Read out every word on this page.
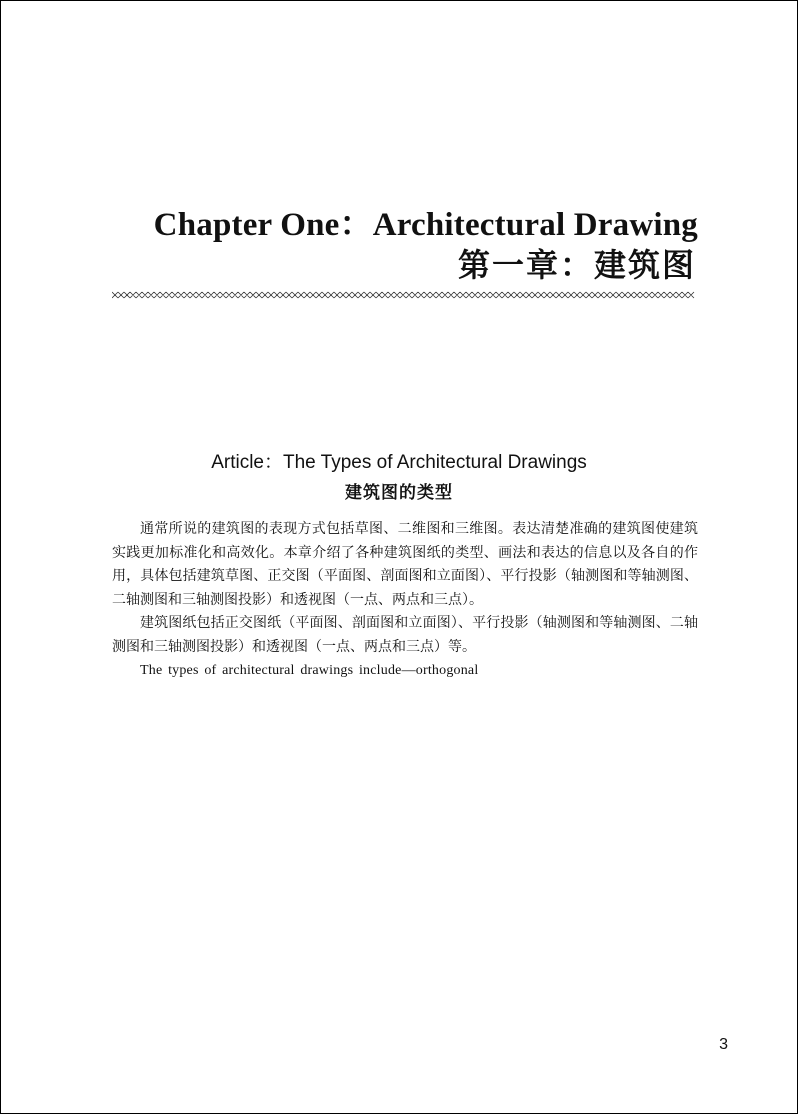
Chapter One：Architectural Drawing
第一章：建筑图
Article：The Types of Architectural Drawings
建筑图的类型

通常所说的建筑图的表现方式包括草图、二维图和三维图。表达清楚准确的建筑图使建筑实践更加标准化和高效化。本章介绍了各种建筑图纸的类型、画法和表达的信息以及各自的作用，具体包括建筑草图、正交图（平面图、剖面图和立面图）、平行投影（轴测图和等轴测图、二轴测图和三轴测图投影）和透视图（一点、两点和三点）。

建筑图纸包括正交图纸（平面图、剖面图和立面图）、平行投影（轴测图和等轴测图、二轴测图和三轴测图投影）和透视图（一点、两点和三点）等。

The types of architectural drawings include—orthogonal

3
